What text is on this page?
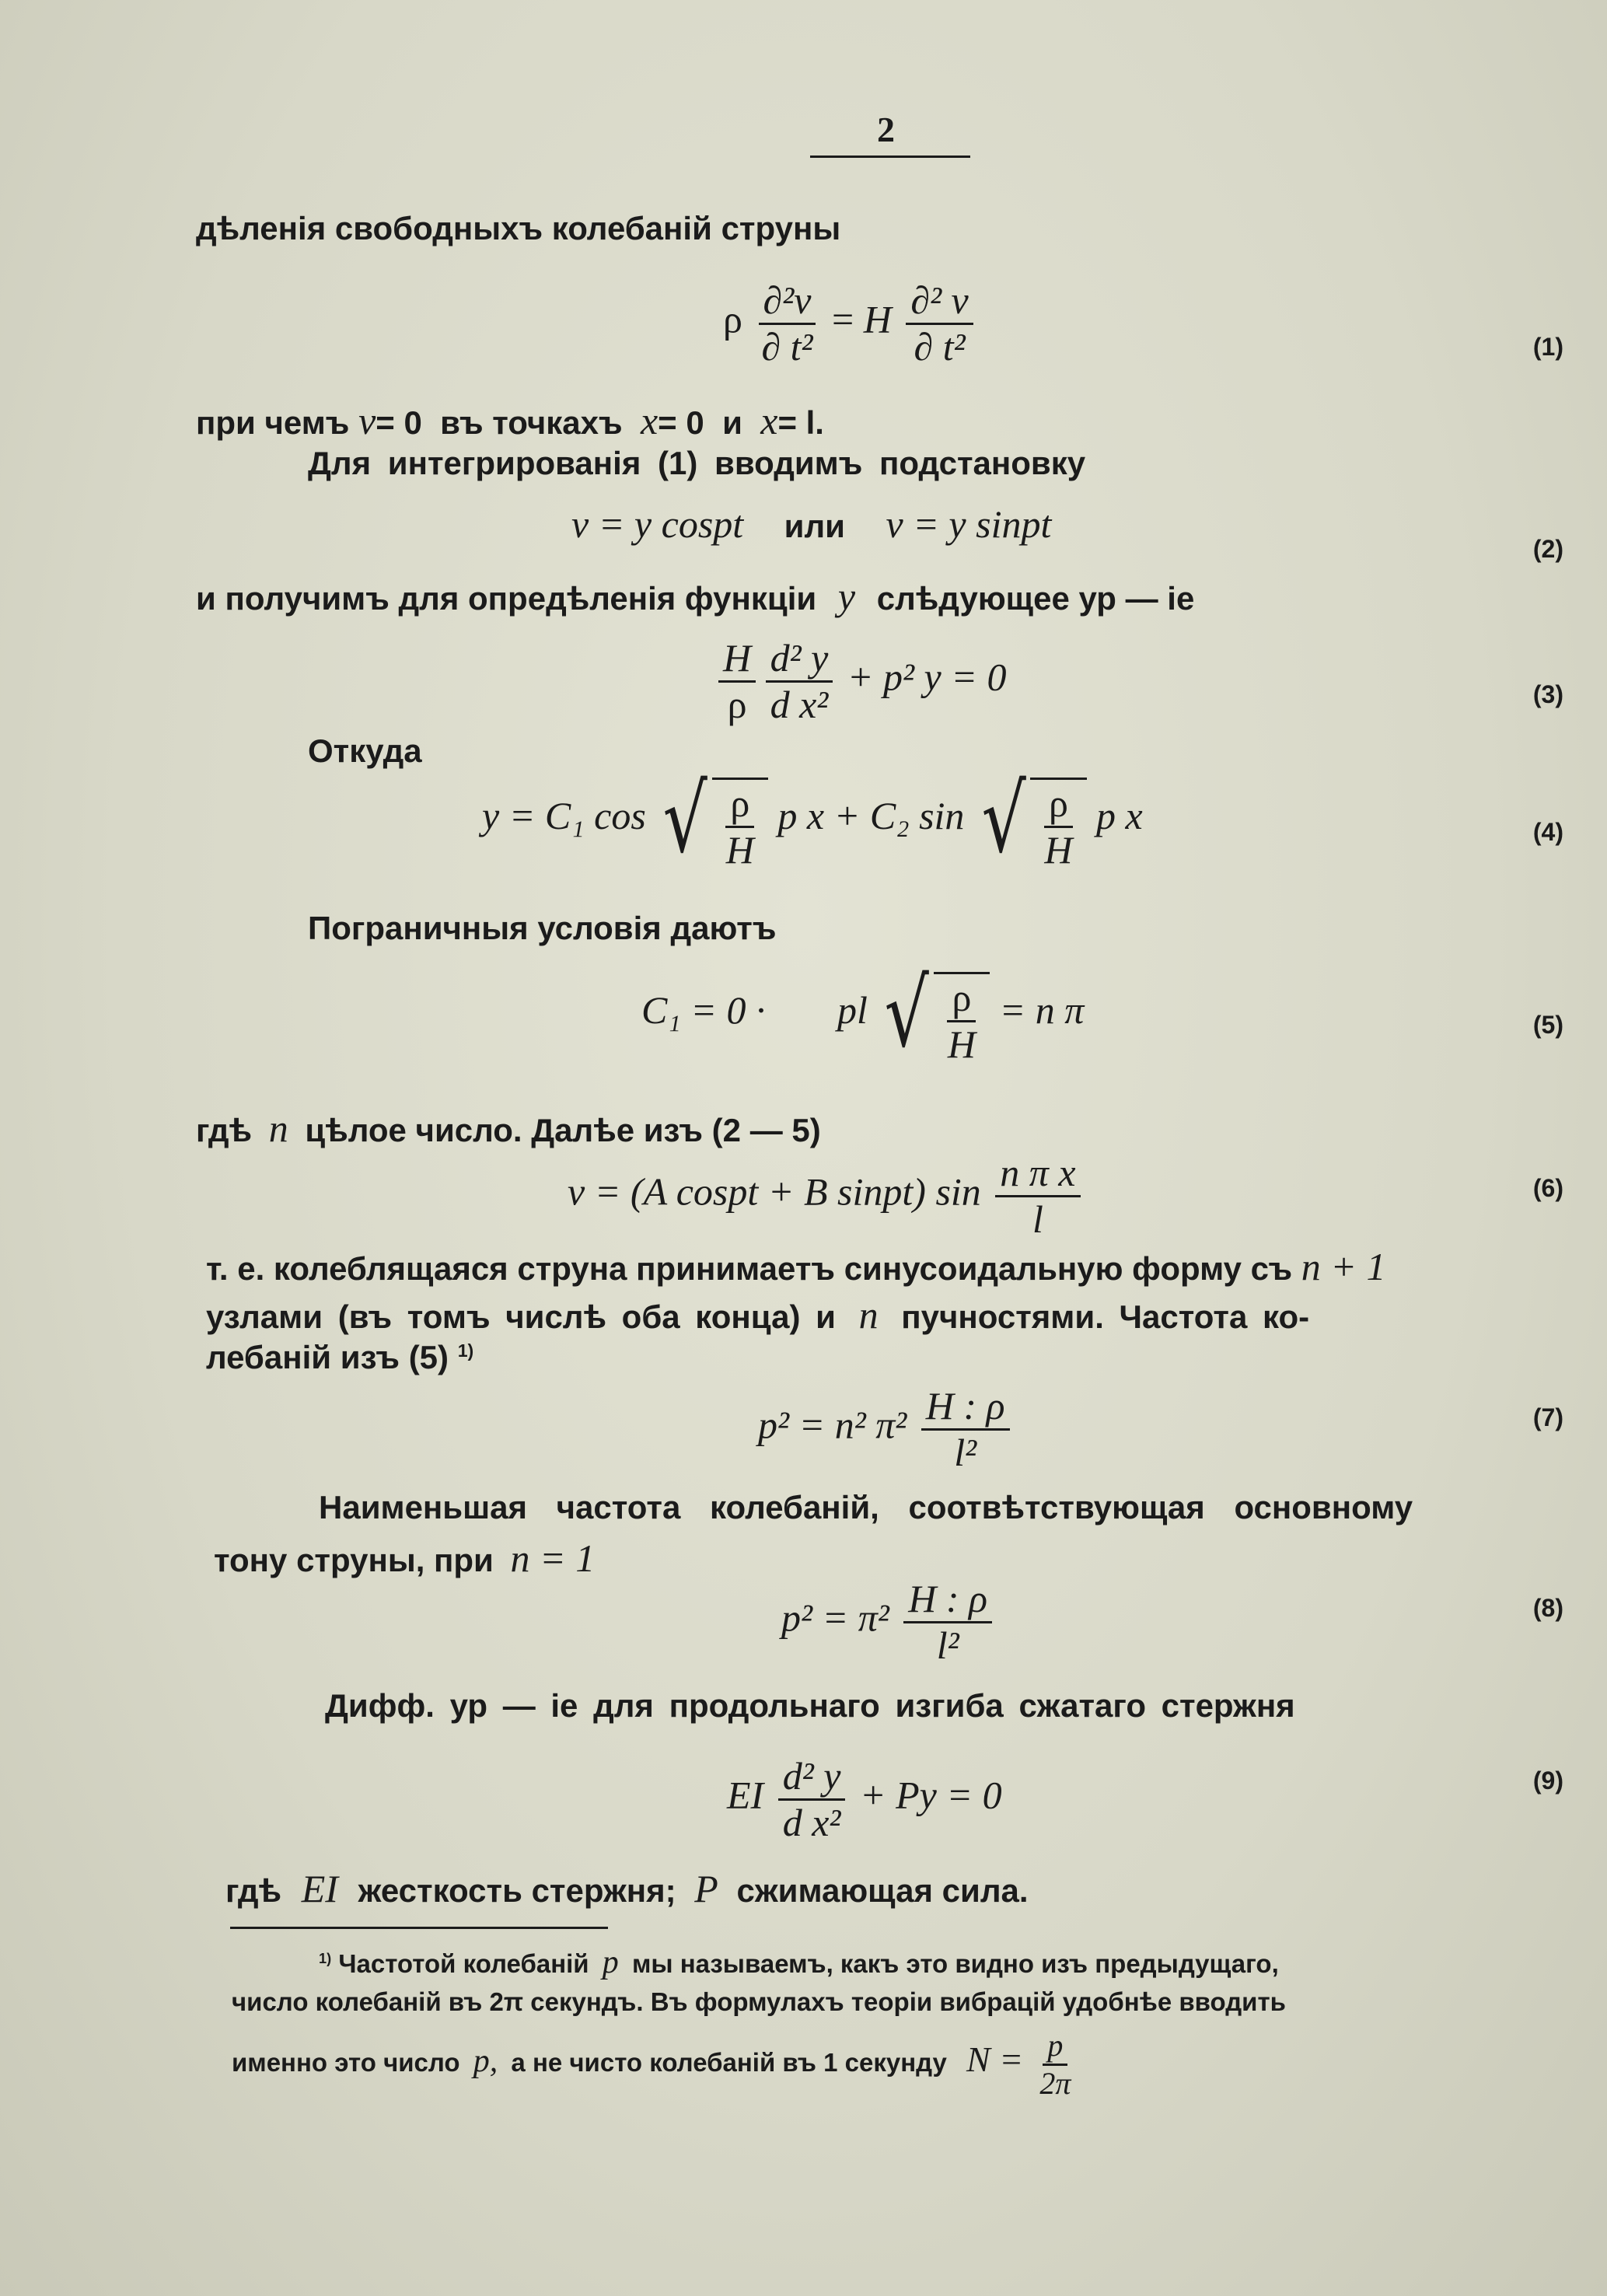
2
дѣленія свободныхъ колебаній струны
ρ $\frac{\text{∂²v}}{\text{∂ t²}} = H \frac{\text{∂² v}}{\text{∂ t²}}$	(1)
при чемъ v= 0 въ точкахъ x= 0 и x= l.
Для интегрированія (1) вводимъ подстановку
v = y cospt или v = y sinpt
(2)
и получимъ для опредѣленія функціи y слѣдующее ур — іе
$\frac{H}{\rho}$
$\frac{\text{d² y}}{\text{d x²}} + p^2$ y = 0	(3)
Откуда
y = C₁ cos √ $\frac{\rho}{H}$ p x + C₂ sin √ $\frac{\rho}{H}$ p x	(4)
Пограничныя условія даютъ
C₁ = 0 · pl √ $\frac{\rho}{H} = n$ π	(5)
гдѣ n цѣлое число. Далѣе изъ (2 — 5)
v = (A cospt + B sinpt) $\sin \frac{\text{n π x}}{l}$	(6)
т. е. колеблящаяся струна принимаетъ синусоидальную форму съ n + 1
узлами (въ томъ числѣ оба конца) и n пучностями. Частота ко-
лебаній изъ (5) $^{1)}$
p² = n² $\pi^2 \frac{H : \rho}{\text{l²}}$	(7)
Наименьшая частота колебаній, соотвѣтствующая основному
тону струны, при n = 1
$p^2 = \pi^2 \frac{H : \rho}{\text{l²}}$	(8)
Дифф. ур — іе для продольнаго изгиба сжатаго стержня
EI $\frac{\text{d² y}}{\text{d x²}} + Py = 0$	(9)
гдѣ EI жесткость стержня; P сжимающая сила.
$^{1)}$ Частотой колебаній p мы называемъ, какъ это видно изъ предыдущаго,
число колебаній въ 2π секундъ. Въ формулахъ теоріи вибрацій удобнѣе вводить
именно это число p, а не чисто колебаній въ 1 секунду $N = \frac{p}{2\pi}$
